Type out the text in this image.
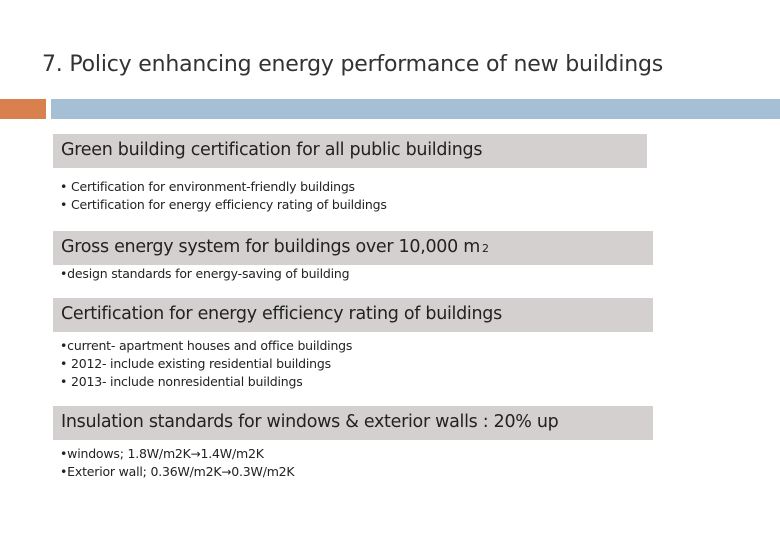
7. Policy enhancing energy performance of new buildings
Green building certification for all public buildings
• Certification for environment-friendly buildings
• Certification for energy efficiency rating of buildings
Gross energy system for buildings over 10,000 m 2
•design standards for energy-saving of building
Certification for energy efficiency rating of buildings
•current- apartment houses and office buildings
• 2012- include existing residential buildings
• 2013- include nonresidential buildings
Insulation standards for windows & exterior walls : 20% up
•windows; 1.8W/m2K→1.4W/m2K
•Exterior wall; 0.36W/m2K→0.3W/m2K
